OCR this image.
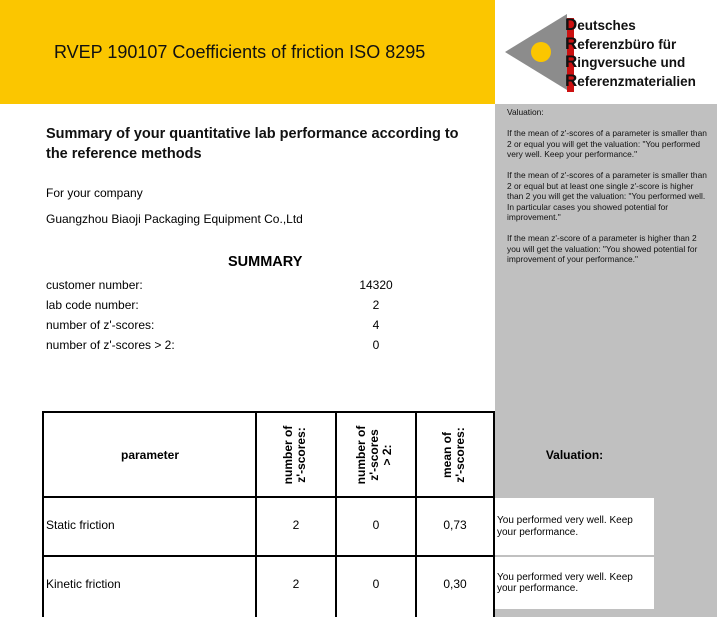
RVEP 190107 Coefficients of friction ISO 8295
Deutsches
Referenzbüro für
Ringversuche und
Referenzmaterialien

Valuation:

If the mean of z'-scores of a parameter is smaller than 2 or equal you will get the valuation: "You performed very well. Keep your performance."

If the mean of z'-scores of a parameter is smaller than 2 or equal but at least one single z'-score is higher than 2 you will get the valuation: "You performed well. In particular cases you showed potential for improvement."

If the mean z'-score of a parameter is higher than 2 you will get the valuation: "You showed potential for improvement of your performance."

Summary of your quantitative lab performance according to the reference methods
For your company
Guangzhou Biaoji Packaging Equipment Co.,Ltd
SUMMARY
customer number:	14320
lab code number:	2
number of z'-scores:	4
number of z'-scores > 2:	0
parameter	number of z'-scores:	number of z'-scores > 2:	mean of z'-scores:	Valuation:
Static friction	2	0	0,73	You performed very well. Keep your performance.
Kinetic friction	2	0	0,30	You performed very well. Keep your performance.
